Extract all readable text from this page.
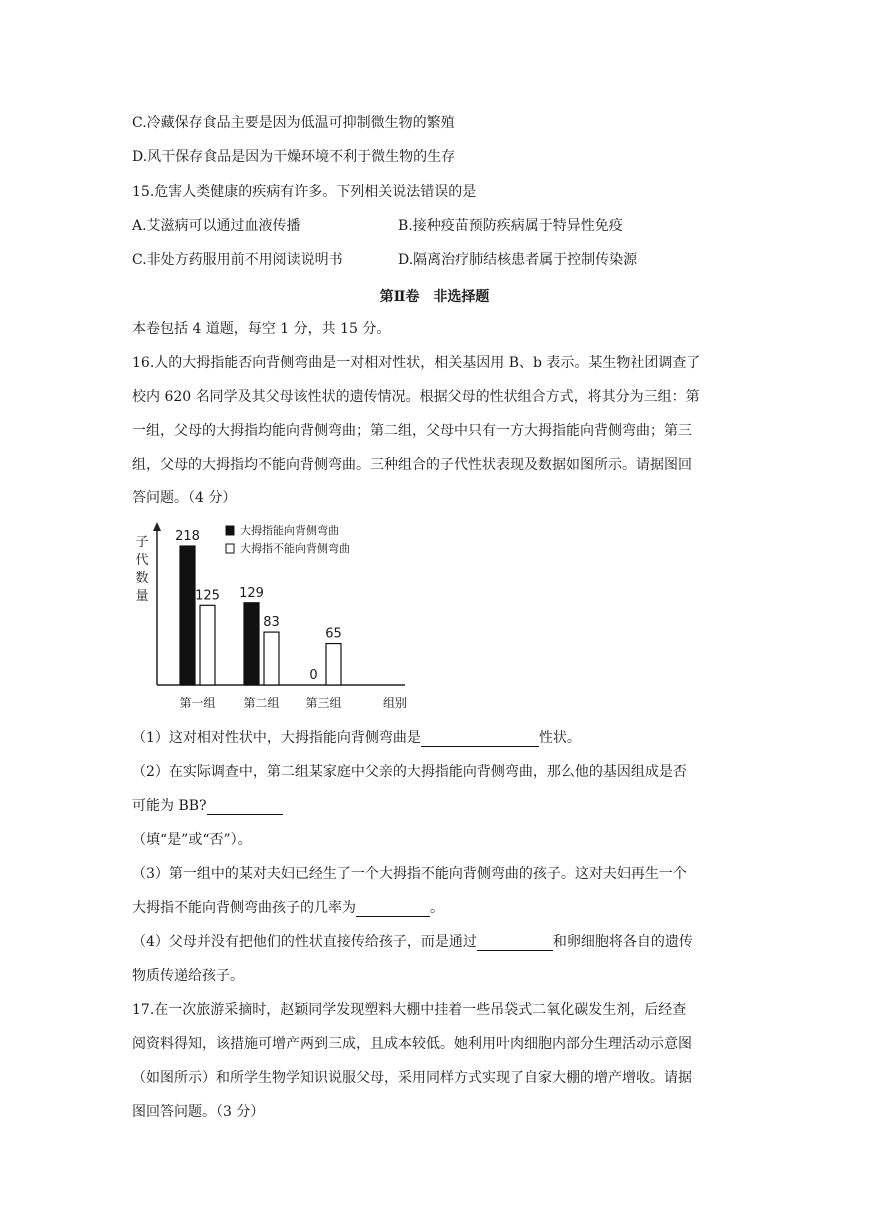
C.冷藏保存食品主要是因为低温可抑制微生物的繁殖
D.风干保存食品是因为干燥环境不利于微生物的生存
15.危害人类健康的疾病有许多。下列相关说法错误的是
A.艾滋病可以通过血液传播	B.接种疫苗预防疾病属于特异性免疫
C.非处方药服用前不用阅读说明书	D.隔离治疗肺结核患者属于控制传染源
第Ⅱ卷　非选择题
本卷包括 4 道题，每空 1 分，共 15 分。
16.人的大拇指能否向背侧弯曲是一对相对性状，相关基因用 B、b 表示。某生物社团调查了
校内 620 名同学及其父母该性状的遗传情况。根据父母的性状组合方式，将其分为三组：第
一组，父母的大拇指均能向背侧弯曲；第二组，父母中只有一方大拇指能向背侧弯曲；第三
组，父母的大拇指均不能向背侧弯曲。三种组合的子代性状表现及数据如图所示。请据图回
答问题。（4 分）
子
代
数
量
218
125 129
83
0
65
大拇指能向背侧弯曲
大拇指不能向背侧弯曲
第一组 第二组 第三组	组别
（1）这对相对性状中，大拇指能向背侧弯曲是	性状。
（2）在实际调查中，第二组某家庭中父亲的大拇指能向背侧弯曲，那么他的基因组成是否
可能为 BB?
（填“是”或“否”）。
（3）第一组中的某对夫妇已经生了一个大拇指不能向背侧弯曲的孩子。这对夫妇再生一个
大拇指不能向背侧弯曲孩子的几率为	。
（4）父母并没有把他们的性状直接传给孩子，而是通过	和卵细胞将各自的遗传
物质传递给孩子。
17.在一次旅游采摘时，赵颖同学发现塑料大棚中挂着一些吊袋式二氧化碳发生剂，后经查
阅资料得知，该措施可增产两到三成，且成本较低。她利用叶肉细胞内部分生理活动示意图
（如图所示）和所学生物学知识说服父母，采用同样方式实现了自家大棚的增产增收。请据
图回答问题。（3 分）
